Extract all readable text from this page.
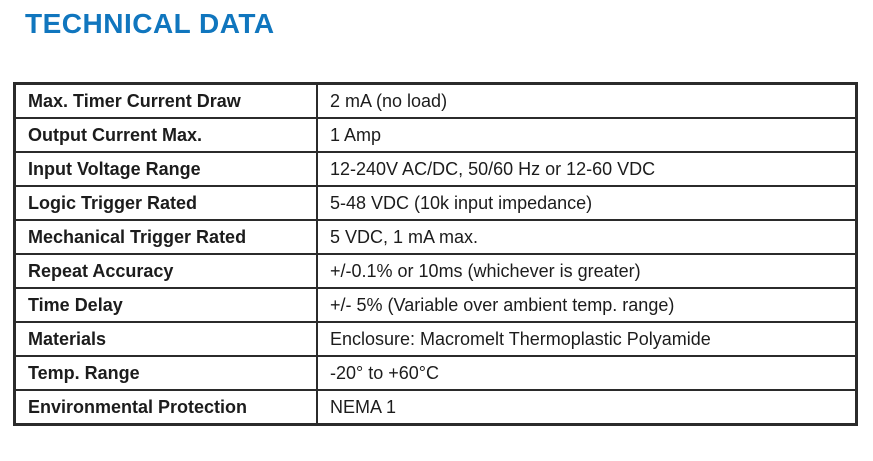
TECHNICAL DATA
Max. Timer Current Draw	2 mA (no load)
Output Current Max.	1 Amp
Input Voltage Range	12-240V AC/DC, 50/60 Hz or 12-60 VDC
Logic Trigger Rated	5-48 VDC (10k input impedance)
Mechanical Trigger Rated	5 VDC, 1 mA max.
Repeat Accuracy	+/-0.1% or 10ms (whichever is greater)
Time Delay	+/- 5% (Variable over ambient temp. range)
Materials	Enclosure: Macromelt Thermoplastic Polyamide
Temp. Range	-20° to +60°C
Environmental Protection	NEMA 1
